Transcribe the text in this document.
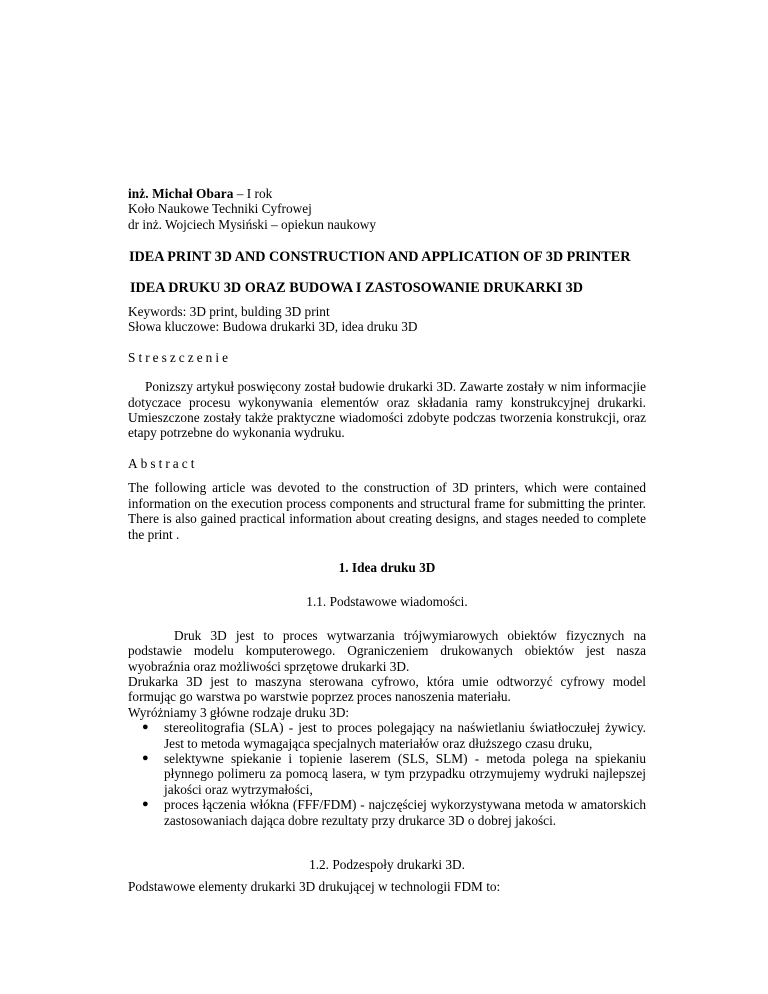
inż. Michał Obara – I rok

Koło Naukowe Techniki Cyfrowej

dr inż. Wojciech Mysiński – opiekun naukowy

IDEA PRINT 3D AND CONSTRUCTION AND APPLICATION OF 3D PRINTER

IDEA DRUKU 3D ORAZ BUDOWA I ZASTOSOWANIE DRUKARKI 3D

Keywords: 3D print, bulding 3D print

Słowa kluczowe: Budowa drukarki 3D, idea druku 3D

Streszczenie

Ponizszy artykuł poswięcony został budowie drukarki 3D. Zawarte zostały w nim informacjie dotyczace procesu wykonywania elementów oraz składania ramy konstrukcyjnej drukarki. Umieszczone zostały także praktyczne wiadomości zdobyte podczas tworzenia konstrukcji, oraz etapy potrzebne do wykonania wydruku.

Abstract

The following article was devoted to the construction of 3D printers, which were contained information on the execution process components and structural frame for submitting the printer. There is also gained practical information about creating designs, and stages needed to complete the print .

1. Idea druku 3D

1.1. Podstawowe wiadomości.

Druk 3D jest to proces wytwarzania trójwymiarowych obiektów fizycznych na podstawie modelu komputerowego. Ograniczeniem drukowanych obiektów jest nasza wyobraźnia oraz możliwości sprzętowe drukarki 3D.

Drukarka 3D jest to maszyna sterowana cyfrowo, która umie odtworzyć cyfrowy model formując go warstwa po warstwie poprzez proces nanoszenia materiału.

Wyróżniamy 3 główne rodzaje druku 3D:

● stereolitografia (SLA) - jest to proces polegający na naświetlaniu światłoczułej żywicy. Jest to metoda wymagająca specjalnych materiałów oraz dłuższego czasu druku,
● selektywne spiekanie i topienie laserem (SLS, SLM) - metoda polega na spiekaniu płynnego polimeru za pomocą lasera, w tym przypadku otrzymujemy wydruki najlepszej jakości oraz wytrzymałości,
● proces łączenia włókna (FFF/FDM) - najczęściej wykorzystywana metoda w amatorskich zastosowaniach dająca dobre rezultaty przy drukarce 3D o dobrej jakości.

1.2. Podzespoły drukarki 3D.

Podstawowe elementy drukarki 3D drukującej w technologii FDM to:
